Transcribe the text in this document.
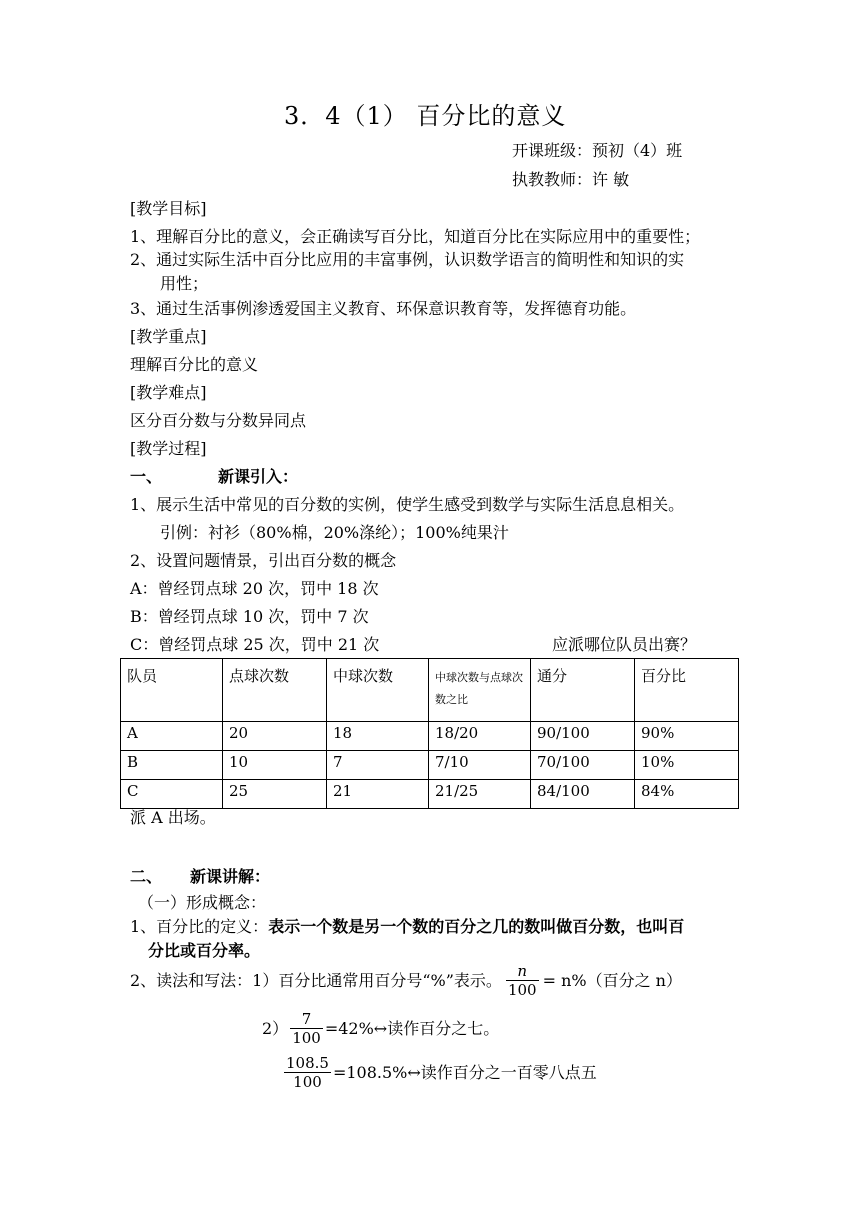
3．4（1） 百分比的意义
开课班级：预初（4）班
执教教师：许 敏
[教学目标]
1、理解百分比的意义，会正确读写百分比，知道百分比在实际应用中的重要性；
2、通过实际生活中百分比应用的丰富事例，认识数学语言的简明性和知识的实
用性；
3、通过生活事例渗透爱国主义教育、环保意识教育等，发挥德育功能。
[教学重点]
理解百分比的意义
[教学难点]
区分百分数与分数异同点
[教学过程]
一、	新课引入：
1、展示生活中常见的百分数的实例，使学生感受到数学与实际生活息息相关。
引例：衬衫（80%棉，20%涤纶）；100%纯果汁
2、设置问题情景，引出百分数的概念
A：曾经罚点球 20 次，罚中 18 次
B：曾经罚点球 10 次，罚中 7 次
C：曾经罚点球 25 次，罚中 21 次	应派哪位队员出赛？
队员	点球次数	中球次数	中球次数与点球次数之比	通分	百分比
A	20	18	18/20	90/100	90%
B	10	7	7/10	70/100	10%
C	25	21	21/25	84/100	84%
派 A 出场。
二、 新课讲解：
（一）形成概念：
1、百分比的定义：表示一个数是另一个数的百分之几的数叫做百分数，也叫百
分比或百分率。
2、读法和写法：1）百分比通常用百分号“%”表示。 $\frac{n}{100} = n\%$（百分之 n）
$2) \frac{7}{100}$ =42%↔读作百分之七。
$\frac{108.5}{100}$ =108.5%↔读作百分之一百零八点五
